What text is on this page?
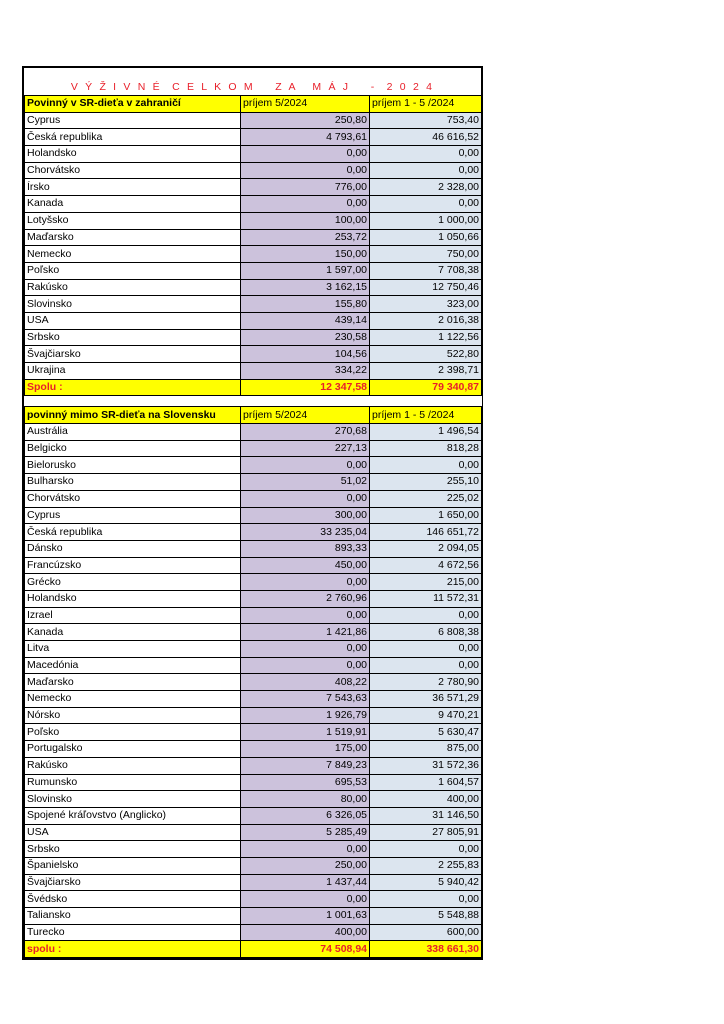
V Ý Ž I V N É  C E L K O M    Z A   M Á J    -  2 0 2 4
Povinný v SR-dieťa v zahraničí	príjem 5/2024	príjem 1 - 5 /2024
Cyprus	250,80	753,40
Česká republika	4 793,61	46 616,52
Holandsko	0,00	0,00
Chorvátsko	0,00	0,00
Írsko	776,00	2 328,00
Kanada	0,00	0,00
Lotyšsko	100,00	1 000,00
Maďarsko	253,72	1 050,66
Nemecko	150,00	750,00
Poľsko	1 597,00	7 708,38
Rakúsko	3 162,15	12 750,46
Slovinsko	155,80	323,00
USA	439,14	2 016,38
Srbsko	230,58	1 122,56
Švajčiarsko	104,56	522,80
Ukrajina	334,22	2 398,71
Spolu :	12 347,58	79 340,87

povinný mimo SR-dieťa na Slovensku	príjem 5/2024	príjem 1 - 5 /2024
Austrália	270,68	1 496,54
Belgicko	227,13	818,28
Bielorusko	0,00	0,00
Bulharsko	51,02	255,10
Chorvátsko	0,00	225,02
Cyprus	300,00	1 650,00
Česká republika	33 235,04	146 651,72
Dánsko	893,33	2 094,05
Francúzsko	450,00	4 672,56
Grécko	0,00	215,00
Holandsko	2 760,96	11 572,31
Izrael	0,00	0,00
Kanada	1 421,86	6 808,38
Litva	0,00	0,00
Macedónia	0,00	0,00
Maďarsko	408,22	2 780,90
Nemecko	7 543,63	36 571,29
Nórsko	1 926,79	9 470,21
Poľsko	1 519,91	5 630,47
Portugalsko	175,00	875,00
Rakúsko	7 849,23	31 572,36
Rumunsko	695,53	1 604,57
Slovinsko	80,00	400,00
Spojené kráľovstvo (Anglicko)	6 326,05	31 146,50
USA	5 285,49	27 805,91
Srbsko	0,00	0,00
Španielsko	250,00	2 255,83
Švajčiarsko	1 437,44	5 940,42
Švédsko	0,00	0,00
Taliansko	1 001,63	5 548,88
Turecko	400,00	600,00
spolu :	74 508,94	338 661,30
